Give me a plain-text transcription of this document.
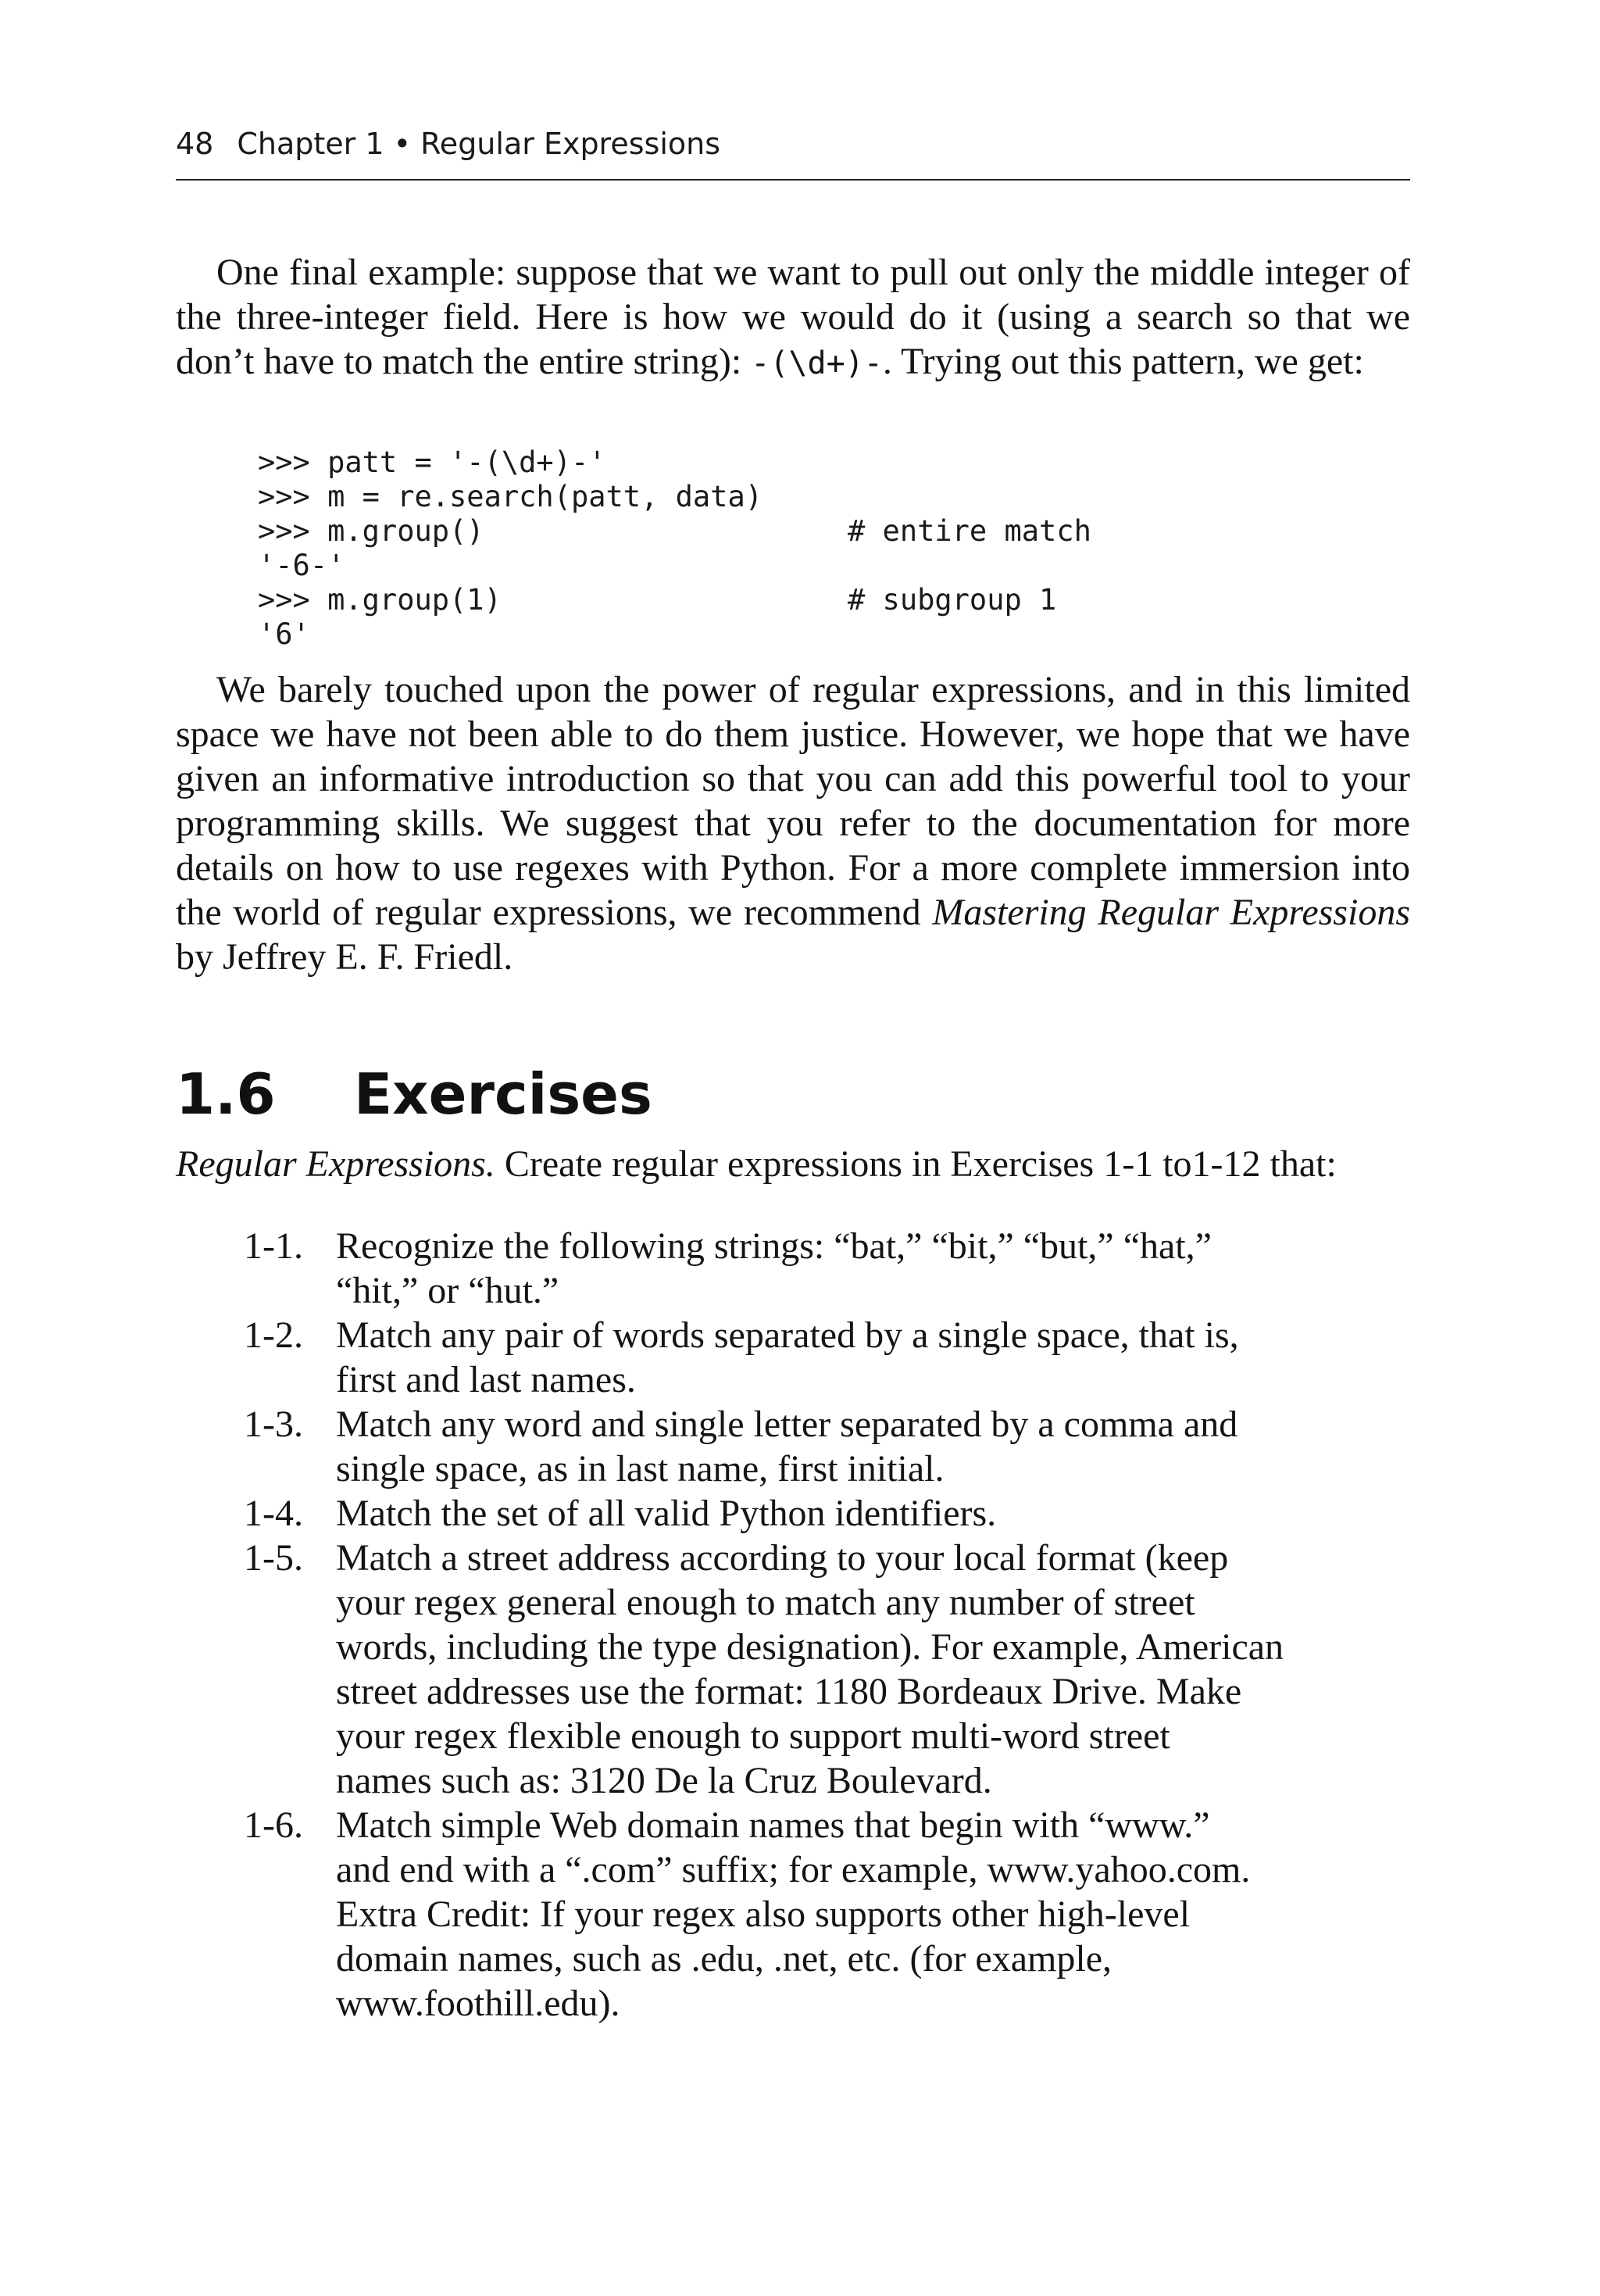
48 Chapter 1 • Regular Expressions

One final example: suppose that we want to pull out only the middle integer of the three-integer field. Here is how we would do it (using a search so that we don’t have to match the entire string): -(\d+)-. Trying out this pattern, we get:

>>> patt = '-(\d+)-'
>>> m = re.search(patt, data)
>>> m.group()	# entire match
'-6-'
>>> m.group(1)	# subgroup 1
'6'

We barely touched upon the power of regular expressions, and in this limited space we have not been able to do them justice. However, we hope that we have given an informative introduction so that you can add this powerful tool to your programming skills. We suggest that you refer to the documentation for more details on how to use regexes with Python. For a more complete immersion into the world of regular expressions, we recommend Mastering Regular Expressions by Jeffrey E. F. Friedl.

1.6 Exercises
Regular Expressions. Create regular expressions in Exercises 1-1 to1-12 that:
1-1. Recognize the following strings: “bat,” “bit,” “but,” “hat,”
“hit,” or “hut.”
1-2. Match any pair of words separated by a single space, that is,
first and last names.
1-3. Match any word and single letter separated by a comma and
single space, as in last name, first initial.
1-4. Match the set of all valid Python identifiers.
1-5. Match a street address according to your local format (keep
your regex general enough to match any number of street
words, including the type designation). For example, American
street addresses use the format: 1180 Bordeaux Drive. Make
your regex flexible enough to support multi-word street
names such as: 3120 De la Cruz Boulevard.
1-6. Match simple Web domain names that begin with “www.”
and end with a “.com” suffix; for example, www.yahoo.com.
Extra Credit: If your regex also supports other high-level
domain names, such as .edu, .net, etc. (for example,
www.foothill.edu).
